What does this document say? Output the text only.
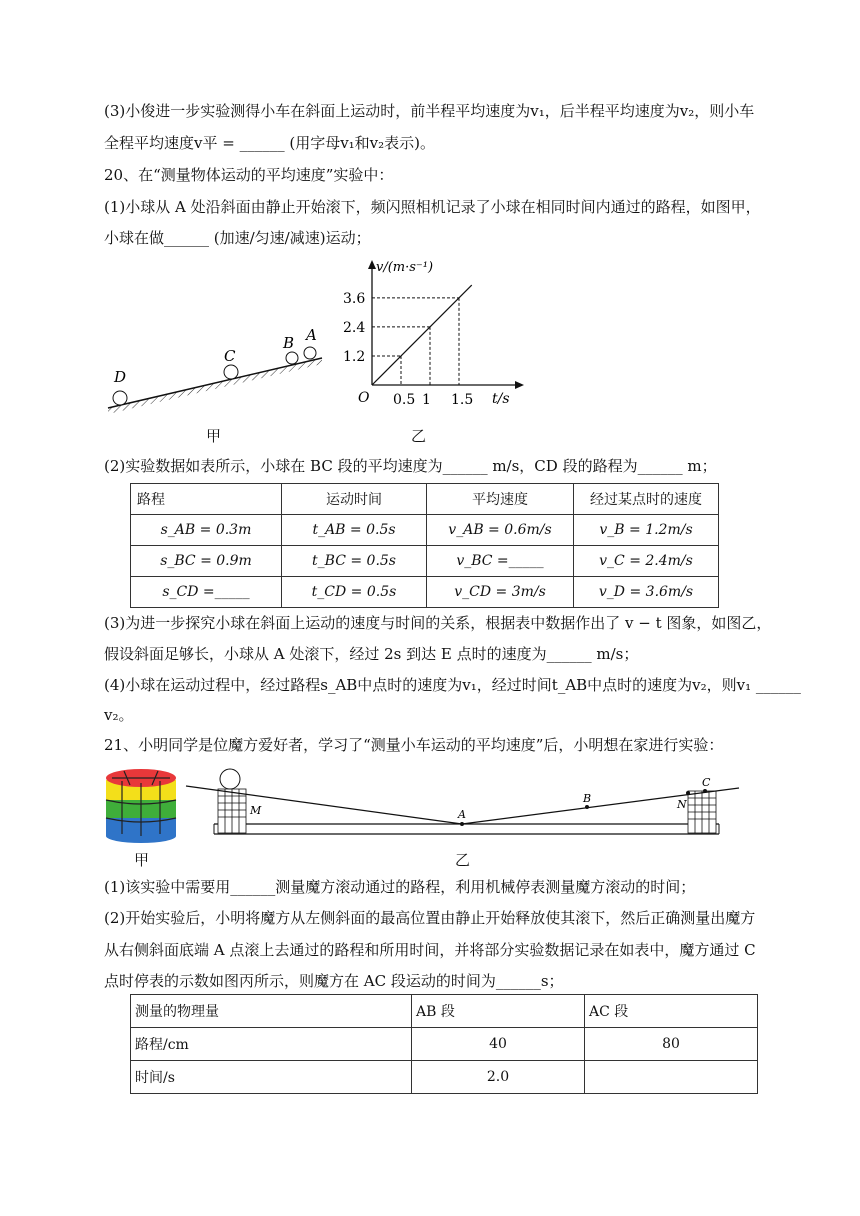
(3)小俊进一步实验测得小车在斜面上运动时，前半程平均速度为v₁，后半程平均速度为v₂，则小车
全程平均速度v平 = ______ (用字母v₁和v₂表示)。
20、在“测量物体运动的平均速度”实验中：
(1)小球从 A 处沿斜面由静止开始滚下，频闪照相机记录了小球在相同时间内通过的路程，如图甲，
小球在做______ (加速/匀速/减速)运动；
D
C
B A
甲
v/(m·s⁻¹)
t/s
O 0.5
1.2
1
2.4
1.5
3.6
乙
(2)实验数据如表所示，小球在 BC 段的平均速度为______ m/s，CD 段的路程为______ m；
路程	运动时间	平均速度	经过某点时的速度
s_AB = 0.3m	t_AB = 0.5s	v_AB = 0.6m/s	v_B = 1.2m/s
s_BC = 0.9m	t_BC = 0.5s	v_BC =_____	v_C = 2.4m/s
s_CD =_____	t_CD = 0.5s	v_CD = 3m/s	v_D = 3.6m/s
(3)为进一步探究小球在斜面上运动的速度与时间的关系，根据表中数据作出了 v − t 图象，如图乙，
假设斜面足够长，小球从 A 处滚下，经过 2s 到达 E 点时的速度为______ m/s；
(4)小球在运动过程中，经过路程s_AB中点时的速度为v₁，经过时间t_AB中点时的速度为v₂，则v₁ ______
v₂。
21、小明同学是位魔方爱好者，学习了“测量小车运动的平均速度”后，小明想在家进行实验：
甲
M	A
B	N
C
乙
(1)该实验中需要用______测量魔方滚动通过的路程，利用机械停表测量魔方滚动的时间；
(2)开始实验后，小明将魔方从左侧斜面的最高位置由静止开始释放使其滚下，然后正确测量出魔方
从右侧斜面底端 A 点滚上去通过的路程和所用时间，并将部分实验数据记录在如表中，魔方通过 C
点时停表的示数如图丙所示，则魔方在 AC 段运动的时间为______s；
测量的物理量	AB 段	AC 段
路程/cm	40	80
时间/s	2.0	
